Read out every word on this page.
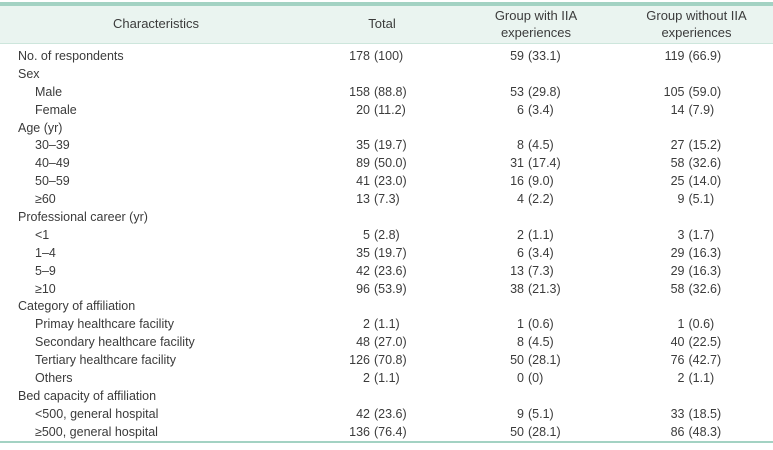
Characteristics	Total	Group with IIA experiences	Group without IIA experiences
No. of respondents	178 (100)	59 (33.1)	119 (66.9)

Sex			
Male	158 (88.8)	53 (29.8)	105 (59.0)

Female	20 (11.2)	6 (3.4)	14 (7.9)

Age (yr)			
30–39	35 (19.7)	8 (4.5)	27 (15.2)

40–49	89 (50.0)	31 (17.4)	58 (32.6)

50–59	41 (23.0)	16 (9.0)	25 (14.0)

≥60	13 (7.3)	4 (2.2)	9 (5.1)

Professional career (yr)			
<1	5 (2.8)	2 (1.1)	3 (1.7)

1–4	35 (19.7)	6 (3.4)	29 (16.3)

5–9	42 (23.6)	13 (7.3)	29 (16.3)

≥10	96 (53.9)	38 (21.3)	58 (32.6)

Category of affiliation			
Primay healthcare facility	2 (1.1)	1 (0.6)	1 (0.6)

Secondary healthcare facility	48 (27.0)	8 (4.5)	40 (22.5)

Tertiary healthcare facility	126 (70.8)	50 (28.1)	76 (42.7)

Others	2 (1.1)	0 (0)	2 (1.1)

Bed capacity of affiliation			
<500, general hospital	42 (23.6)	9 (5.1)	33 (18.5)

≥500, general hospital	136 (76.4)	50 (28.1)	86 (48.3)
